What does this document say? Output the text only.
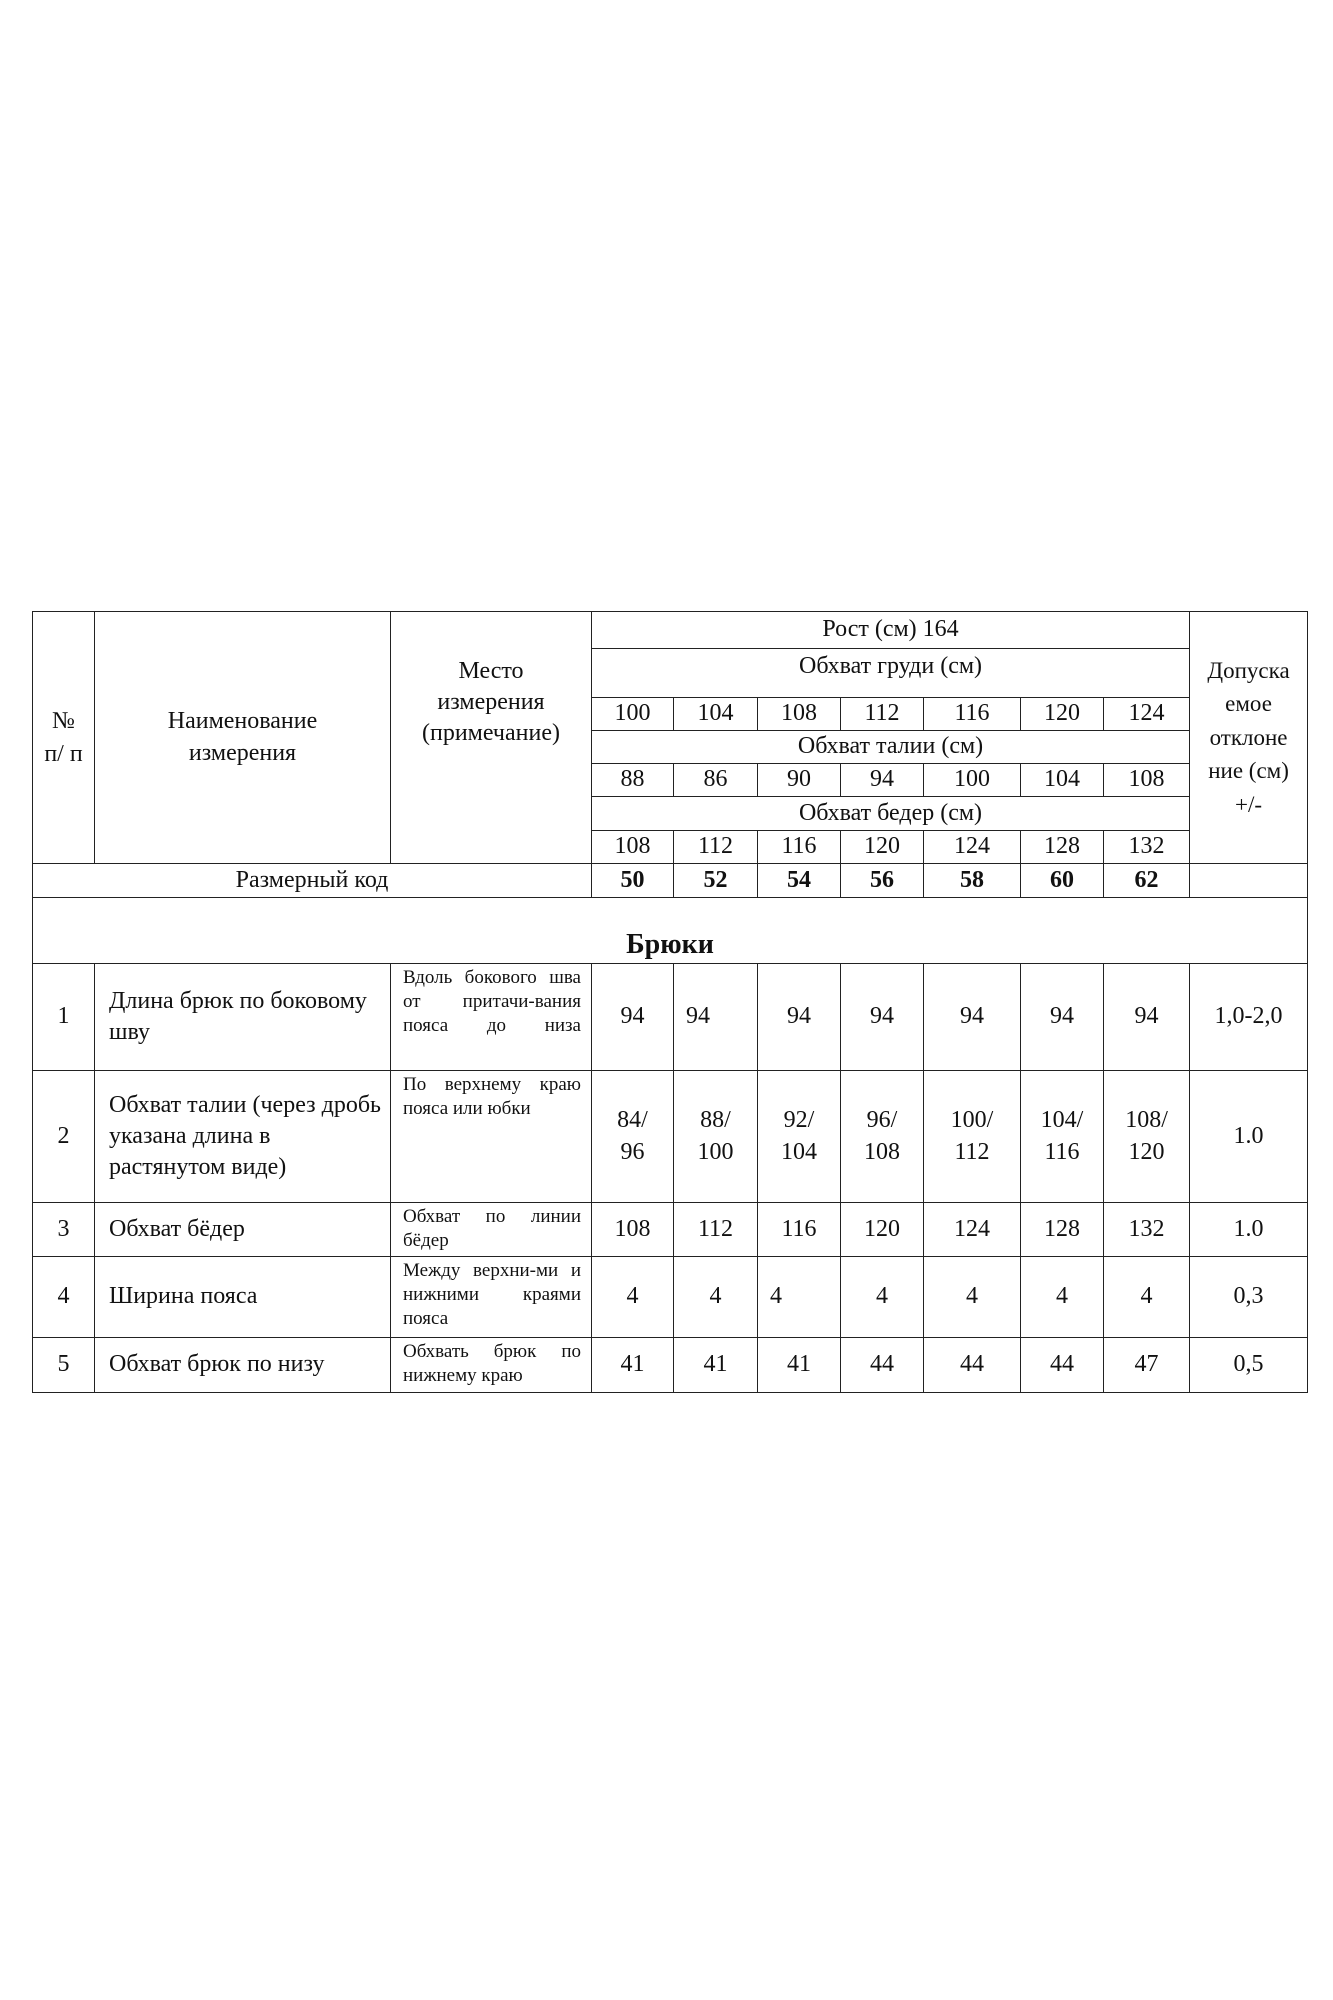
№ п/ п	Наименование измерения	Место измерения (примечание)	Рост (см) 164							Допуска емое отклоне ние (см) +/-
			Обхват груди (см)							
			100	104	108	112	116	120	124	
			Обхват талии (см)							
			88	86	90	94	100	104	108	
			Обхват бедер (см)							
			108	112	116	120	124	128	132	
Размерный код			50	52	54	56	58	60	62	
Брюки										
1	Длина брюк по боковому шву	Вдоль бокового шва от притачи-вания пояса до низа	94	94	94	94	94	94	94	1,0-2,0
2	Обхват талии (через дробь указана длина в растянутом виде)	По верхнему краю пояса или юбки	84/ 96	88/ 100	92/ 104	96/ 108	100/ 112	104/ 116	108/ 120	1.0
3	Обхват бёдер	Обхват по линии бёдер	108	112	116	120	124	128	132	1.0
4	Ширина пояса	Между верхни-ми и нижними краями пояса	4	4	4	4	4	4	4	0,3
5	Обхват брюк по низу	Обхвать брюк по нижнему краю	41	41	41	44	44	44	47	0,5
